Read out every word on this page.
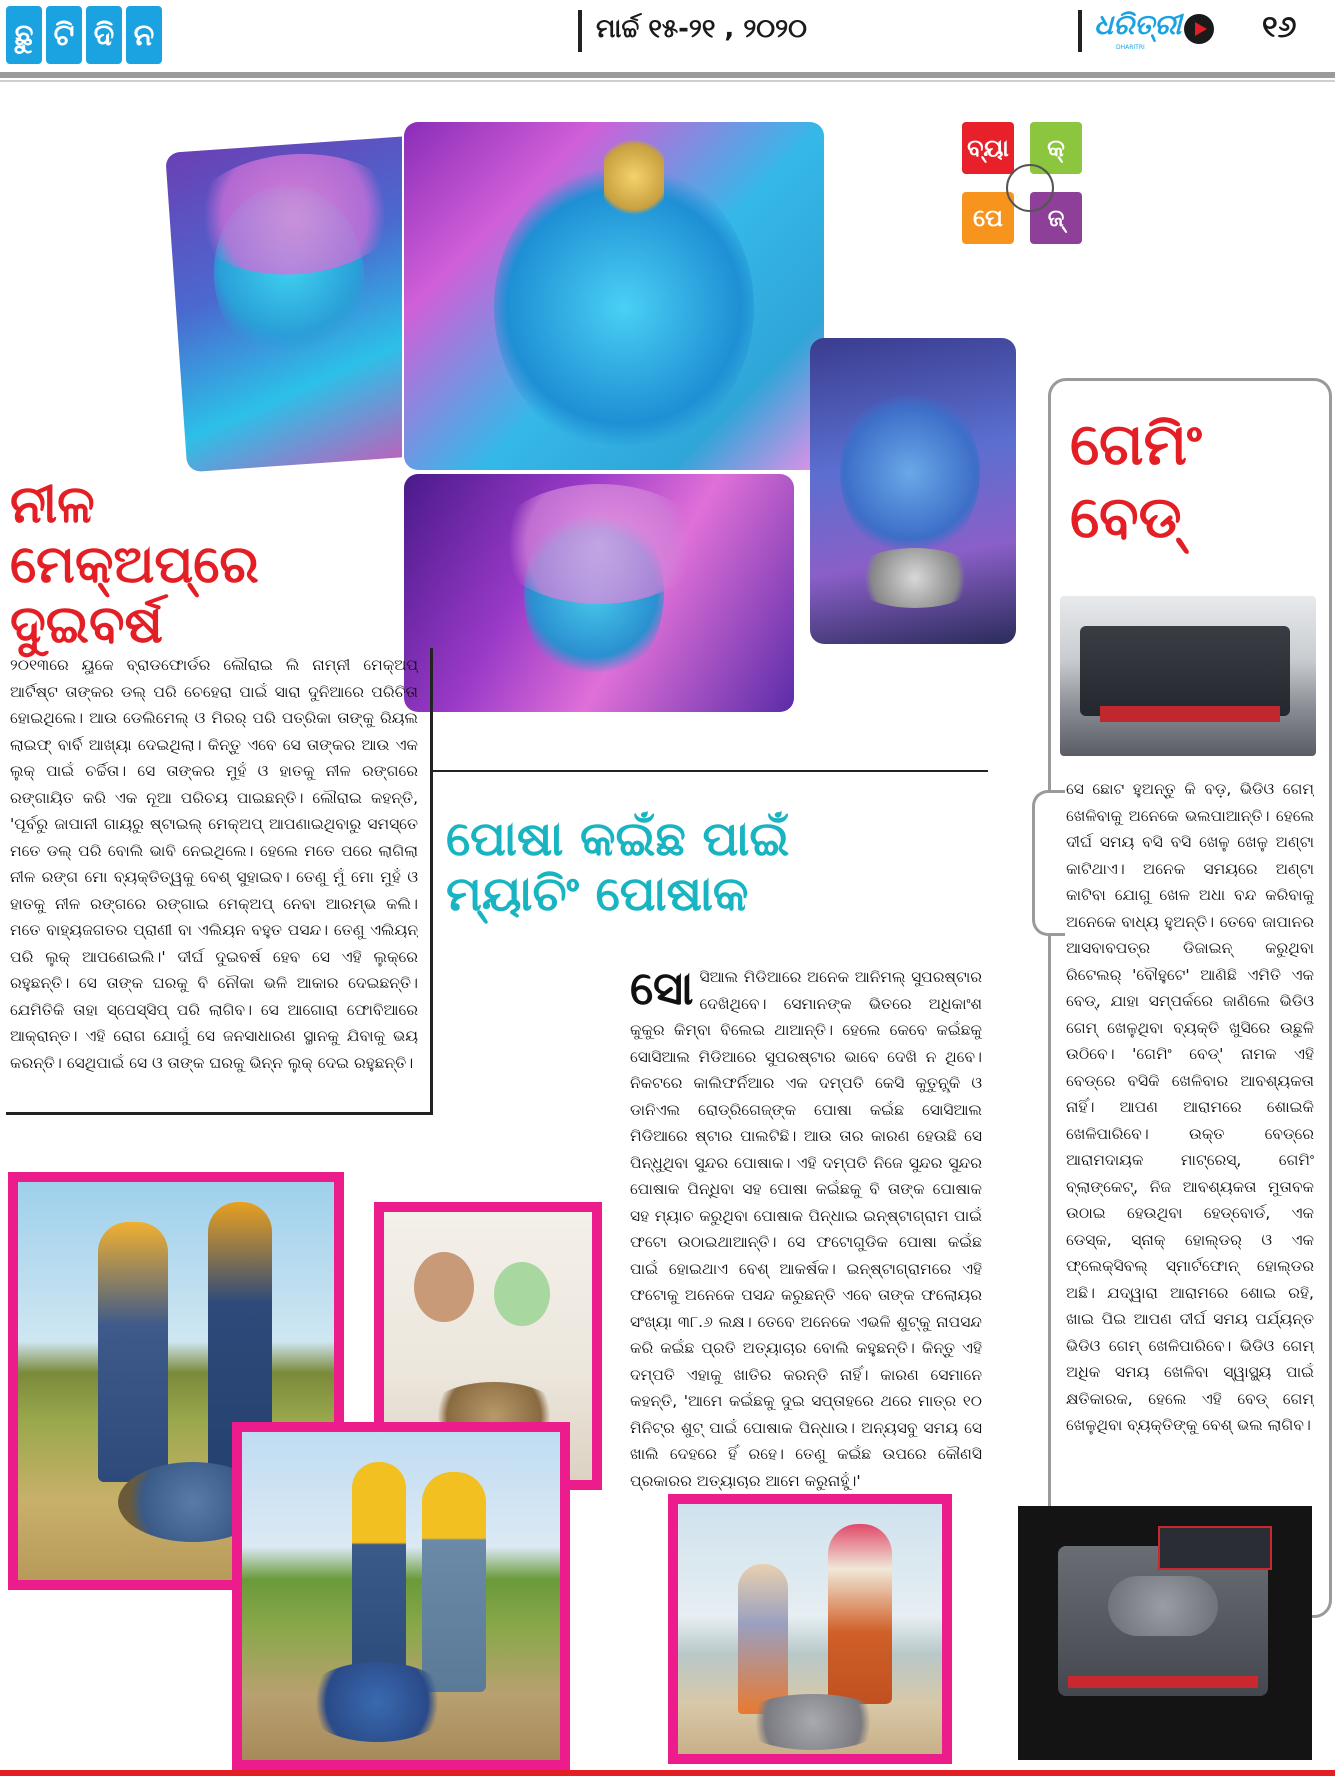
ଛୁ ଟି ଦି ନ	ମାର୍ଚ୍ଚ ୧୫-୨୧ , ୨୦୨୦	ଧରିତ୍ରୀ
DHARITRI
୧୬
ବ୍ୟା କ୍
ପେ ଜ୍
ନୀଳ
ମେକ୍‌ଅପ୍‌ରେ
ଦୁଇବର୍ଷ
୨୦୧୩ରେ ୟୁକେ ବ୍ରାଡଫୋର୍ଡର ଲୌରାଇ ଲି ନାମ୍ନୀ ମେକ୍‌ଅପ୍ ଆର୍ଟିଷ୍ଟ ତାଙ୍କର ଡଲ୍ ପରି ଚେହେରା ପାଇଁ ସାରା ଦୁନିଆରେ ପରିଚିତା ହୋଇଥିଲେ। ଆଉ ଡେଲିମେଲ୍ ଓ ମିରର୍ ପରି ପତ୍ରିକା ତାଙ୍କୁ ରିୟଲ ଲାଇଫ୍ ବାର୍ବି ଆଖ୍ୟା ଦେଇଥିଲା। କିନ୍ତୁ ଏବେ ସେ ତାଙ୍କର ଆଉ ଏକ ଲୁକ୍ ପାଇଁ ଚର୍ଚ୍ଚିତା। ସେ ତାଙ୍କର ମୁହଁ ଓ ହାତକୁ ନୀଳ ରଙ୍ଗରେ ରଙ୍ଗାୟିତ କରି ଏକ ନୂଆ ପରିଚୟ ପାଇଛନ୍ତି। ଲୌରାଇ କହନ୍ତି, 'ପୂର୍ବରୁ ଜାପାନୀ ଗାୟରୁ ଷ୍ଟାଇଲ୍ ମେକ୍‌ଅପ୍ ଆପଣାଇଥିବାରୁ ସମସ୍ତେ ମତେ ଡଲ୍ ପରି ବୋଲି ଭାବି ନେଇଥିଲେ। ହେଲେ ମତେ ପରେ ଲାଗିଲା ନୀଳ ରଙ୍ଗ ମୋ ବ୍ୟକ୍ତିତ୍ୱକୁ ବେଶ୍ ସୁହାଇବ। ତେଣୁ ମୁଁ ମୋ ମୁହଁ ଓ ହାତକୁ ନୀଳ ରଙ୍ଗରେ ରଙ୍ଗାଇ ମେକ୍‌ଅପ୍ ନେବା ଆରମ୍ଭ କଲି। ମତେ ବାହ୍ୟଜଗତର ପ୍ରାଣୀ ବା ଏଲିୟନ ବହୁତ ପସନ୍ଦ। ତେଣୁ ଏଲିୟନ୍ ପରି ଲୁକ୍ ଆପଣେଇଲି।' ଦୀର୍ଘ ଦୁଇବର୍ଷ ହେବ ସେ ଏହି ଲୁକ୍‌ରେ ରହୁଛନ୍ତି। ସେ ତାଙ୍କ ଘରକୁ ବି ନୌକା ଭଳି ଆକାର ଦେଇଛନ୍ତି। ଯେମିତିକି ତାହା ସ୍ପେସ୍‌ସିପ୍ ପରି ଲାଗିବ। ସେ ଆଗୋରା ଫୋବିଆରେ ଆକ୍ରାନ୍ତ। ଏହି ରୋଗ ଯୋଗୁଁ ସେ ଜନସାଧାରଣ ସ୍ଥାନକୁ ଯିବାକୁ ଭୟ କରନ୍ତି। ସେଥିପାଇଁ ସେ ଓ ତାଙ୍କ ଘରକୁ ଭିନ୍ନ ଲୁକ୍ ଦେଇ ରହୁଛନ୍ତି।
ପୋଷା କଇଁଛ ପାଇଁ
ମ୍ୟାଚିଂ ପୋଷାକ
ସୋସିଆଲ ମିଡିଆରେ ଅନେକ ଆନିମଲ୍ ସୁପରଷ୍ଟାର ଦେଖିଥିବେ। ସେମାନଙ୍କ ଭିତରେ ଅଧିକାଂଶ କୁକୁର କିମ୍ବା ବିଲେଇ ଥାଆନ୍ତି। ହେଲେ କେବେ କଇଁଛକୁ ସୋସିଆଲ ମିଡିଆରେ ସୁପରଷ୍ଟାର ଭାବେ ଦେଖି ନ ଥିବେ। ନିକଟରେ କାଲିଫର୍ନିଆର ଏକ ଦମ୍ପତି କେସି କୁତୁନ୍ସ୍କି ଓ ଡାନିଏଲ ରୋଡ୍ରିଗେଜ୍‌ଙ୍କ ପୋଷା କଇଁଛ ସୋସିଆଲ ମିଡିଆରେ ଷ୍ଟାର ପାଲଟିଛି। ଆଉ ତାର କାରଣ ହେଉଛି ସେ ପିନ୍ଧୁଥିବା ସୁନ୍ଦର ପୋଷାକ। ଏହି ଦମ୍ପତି ନିଜେ ସୁନ୍ଦର ସୁନ୍ଦର ପୋଷାକ ପିନ୍ଧିବା ସହ ପୋଷା କଇଁଛକୁ ବି ତାଙ୍କ ପୋଷାକ ସହ ମ୍ୟାଚ କରୁଥିବା ପୋଷାକ ପିନ୍ଧାଇ ଇନ୍‌ଷ୍ଟାଗ୍ରାମ ପାଇଁ ଫଟୋ ଉଠାଇଥାଆନ୍ତି। ସେ ଫଟୋଗୁଡିକ ପୋଷା କଇଁଛ ପାଇଁ ହୋଇଥାଏ ବେଶ୍ ଆକର୍ଷକ। ଇନ୍‌ଷ୍ଟାଗ୍ରାମରେ ଏହି ଫଟୋକୁ ଅନେକେ ପସନ୍ଦ କରୁଛନ୍ତି ଏବେ ତାଙ୍କ ଫଲୋୟର ସଂଖ୍ୟା ୩୮.୬ ଲକ୍ଷ। ତେବେ ଅନେକେ ଏଭଳି ଶୁଟ୍‌କୁ ନାପସନ୍ଦ କରି କଇଁଛ ପ୍ରତି ଅତ୍ୟାଚାର ବୋଲି କହୁଛନ୍ତି। କିନ୍ତୁ ଏହି ଦମ୍ପତି ଏହାକୁ ଖାତିର କରନ୍ତି ନାହିଁ। କାରଣ ସେମାନେ କହନ୍ତି, 'ଆମେ କଇଁଛକୁ ଦୁଇ ସପ୍ତାହରେ ଥରେ ମାତ୍ର ୧୦ ମିନିଟ୍‌ର ଶୁଟ୍ ପାଇଁ ପୋଷାକ ପିନ୍ଧାଉ। ଅନ୍ୟସବୁ ସମୟ ସେ ଖାଲି ଦେହରେ ହିଁ ରହେ। ତେଣୁ କଇଁଛ ଉପରେ କୌଣସି ପ୍ରକାରର ଅତ୍ୟାଚାର ଆମେ କରୁନାହୁଁ।'
ଗେମିଂ
ବେଡ୍
ସେ ଛୋଟ ହୁଅନ୍ତୁ କି ବଡ଼, ଭିଡିଓ ଗେମ୍ ଖେଳିବାକୁ ଅନେକେ ଭଲପାଆନ୍ତି। ହେଲେ ଦୀର୍ଘ ସମୟ ବସି ବସି ଖେଳୁ ଖେଳୁ ଅଣ୍ଟା କାଟିଥାଏ। ଅନେକ ସମୟରେ ଅଣ୍ଟା କାଟିବା ଯୋଗୁ ଖେଳ ଅଧା ବନ୍ଦ କରିବାକୁ ଅନେକେ ବାଧ୍ୟ ହୁଅନ୍ତି। ତେବେ ଜାପାନର ଆସବାବପତ୍ର ଡିଜାଇନ୍ କରୁଥିବା ରିଟେଲର୍ 'ବୌହୁଟେ' ଆଣିଛି ଏମିତି ଏକ ବେଡ୍, ଯାହା ସମ୍ପର୍କରେ ଜାଣିଲେ ଭିଡିଓ ଗେମ୍ ଖେଳୁଥିବା ବ୍ୟକ୍ତି ଖୁସିରେ ଉଛୁଳି ଉଠିବେ। 'ଗେମିଂ ବେଡ୍' ନାମକ ଏହି ବେଡ୍‌ରେ ବସିକି ଖେଳିବାର ଆବଶ୍ୟକତା ନାହିଁ। ଆପଣ ଆରାମରେ ଶୋଇକି ଖେଳିପାରିବେ। ଉକ୍ତ ବେଡ୍‌ରେ ଆରାମଦାୟକ ମାଟ୍ରେସ୍, ଗେମିଂ ବ୍ଲାଙ୍କେଟ୍, ନିଜ ଆବଶ୍ୟକତା ମୁତାବକ ଉଠାଇ ହେଉଥିବା ହେଡ୍‌ବୋର୍ଡ, ଏକ ଡେସ୍କ, ସ୍ନାକ୍ ହୋଲ୍ଡର୍ ଓ ଏକ ଫ୍ଲେକ୍ସିବଲ୍ ସ୍ମାର୍ଟଫୋନ୍ ହୋଲ୍ଡର ଅଛି। ଯଦ୍ୱାରା ଆରାମରେ ଶୋଇ ରହି, ଖାଇ ପିଇ ଆପଣ ଦୀର୍ଘ ସମୟ ପର୍ଯ୍ୟନ୍ତ ଭିଡିଓ ଗେମ୍ ଖେଳିପାରିବେ। ଭିଡିଓ ଗେମ୍ ଅଧିକ ସମୟ ଖେଳିବା ସ୍ୱାସ୍ଥ୍ୟ ପାଇଁ କ୍ଷତିକାରକ, ହେଲେ ଏହି ବେଡ୍ ଗେମ୍ ଖେଳୁଥିବା ବ୍ୟକ୍ତିଙ୍କୁ ବେଶ୍ ଭଲ ଲାଗିବ।
